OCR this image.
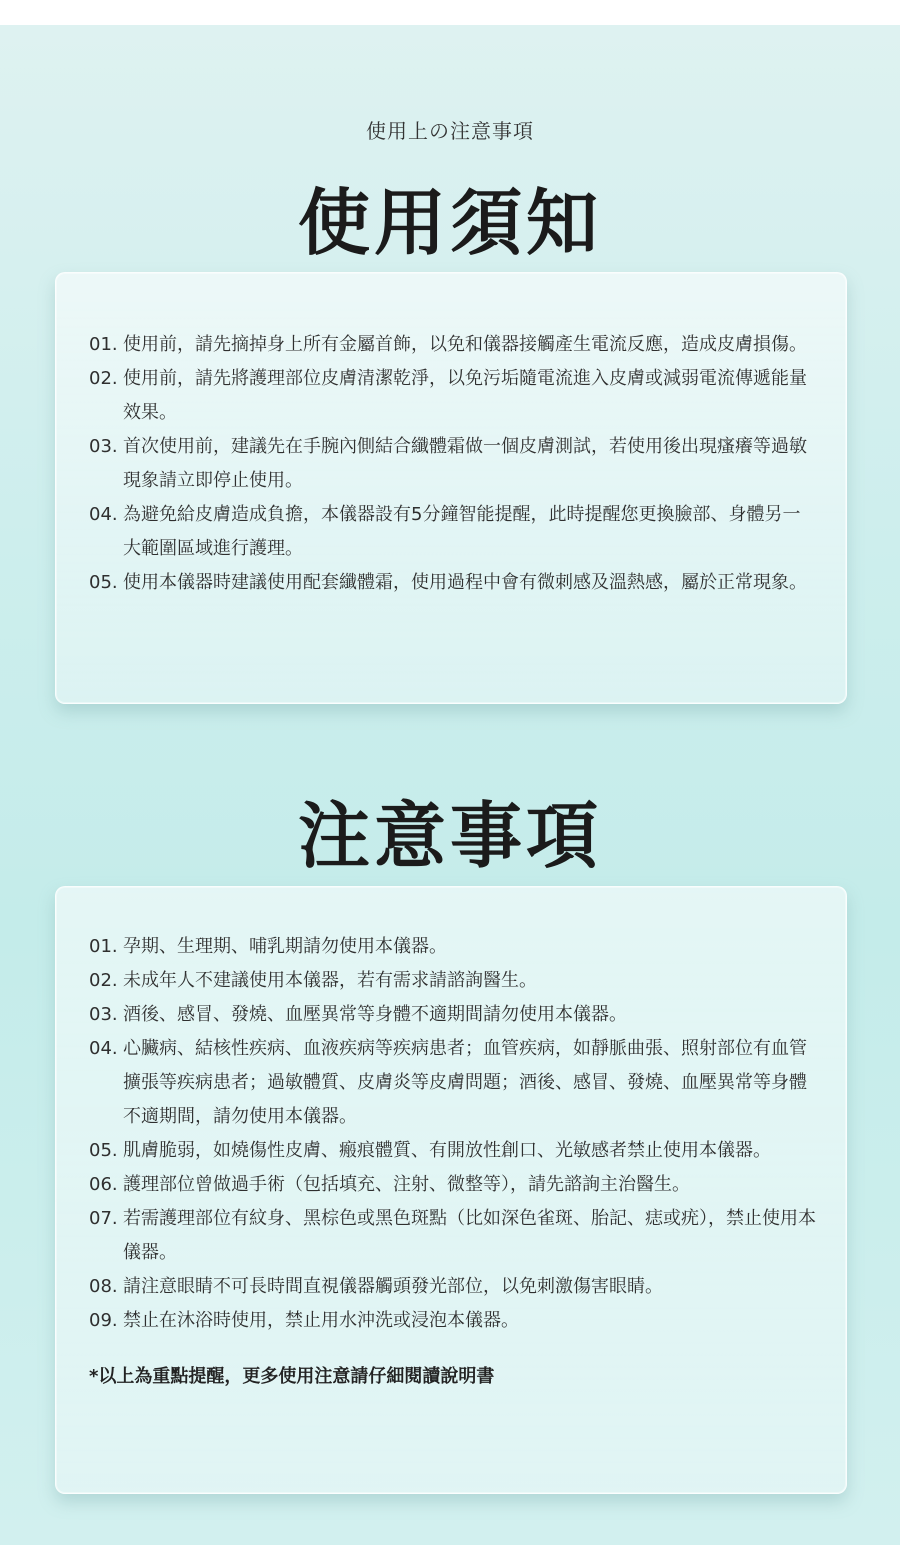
使用上の注意事項
使用須知
01. 使用前，請先摘掉身上所有金屬首飾，以免和儀器接觸產生電流反應，造成皮膚損傷。
02. 使用前，請先將護理部位皮膚清潔乾淨，以免污垢隨電流進入皮膚或減弱電流傳遞能量效果。
03. 首次使用前，建議先在手腕內側結合纖體霜做一個皮膚測試，若使用後出現瘙癢等過敏現象請立即停止使用。
04. 為避免給皮膚造成負擔，本儀器設有5分鐘智能提醒，此時提醒您更換臉部、身體另一大範圍區域進行護理。
05. 使用本儀器時建議使用配套纖體霜，使用過程中會有微刺感及溫熱感，屬於正常現象。
注意事項
01. 孕期、生理期、哺乳期請勿使用本儀器。
02. 未成年人不建議使用本儀器，若有需求請諮詢醫生。
03. 酒後、感冒、發燒、血壓異常等身體不適期間請勿使用本儀器。
04. 心臟病、結核性疾病、血液疾病等疾病患者；血管疾病，如靜脈曲張、照射部位有血管擴張等疾病患者；過敏體質、皮膚炎等皮膚問題；酒後、感冒、發燒、血壓異常等身體不適期間，請勿使用本儀器。
05. 肌膚脆弱，如燒傷性皮膚、瘢痕體質、有開放性創口、光敏感者禁止使用本儀器。
06. 護理部位曾做過手術（包括填充、注射、微整等），請先諮詢主治醫生。
07. 若需護理部位有紋身、黑棕色或黑色斑點（比如深色雀斑、胎記、痣或疣），禁止使用本儀器。
08. 請注意眼睛不可長時間直視儀器觸頭發光部位，以免刺激傷害眼睛。
09. 禁止在沐浴時使用，禁止用水沖洗或浸泡本儀器。
*以上為重點提醒，更多使用注意請仔細閱讀說明書
